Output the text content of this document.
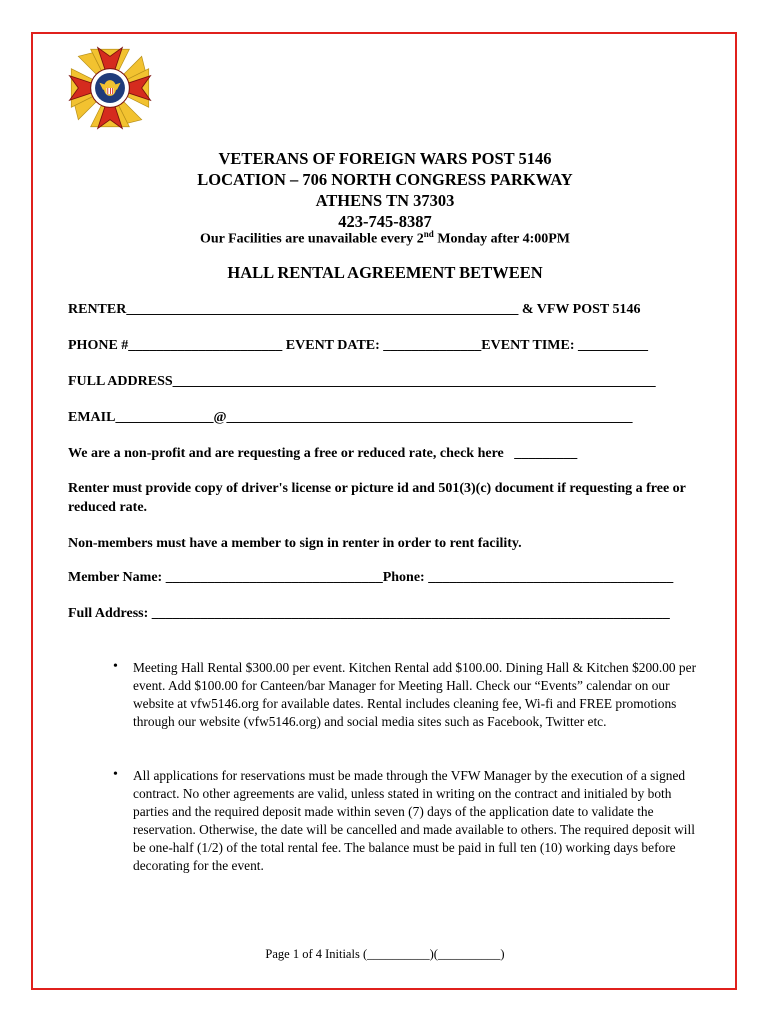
VETERANS OF FOREIGN WARS POST 5146
LOCATION – 706 NORTH CONGRESS PARKWAY
ATHENS TN 37303
423-745-8387
Our Facilities are unavailable every 2nd Monday after 4:00PM
HALL RENTAL AGREEMENT BETWEEN
RENTER________________________________________________________ & VFW POST 5146
PHONE #______________________ EVENT DATE: ______________EVENT TIME: __________
FULL ADDRESS_____________________________________________________________________
EMAIL______________@__________________________________________________________
We are a non-profit and are requesting a free or reduced rate, check here   _________
Renter must provide copy of driver's license or picture id and 501(3)(c) document if requesting a free or reduced rate.
Non-members must have a member to sign in renter in order to rent facility.
Member Name: _______________________________Phone: ___________________________________
Full Address: __________________________________________________________________________
•	Meeting Hall Rental $300.00 per event. Kitchen Rental add $100.00. Dining Hall & Kitchen $200.00 per event. Add $100.00 for Canteen/bar Manager for Meeting Hall. Check our “Events” calendar on our website at vfw5146.org for available dates. Rental includes cleaning fee, Wi-fi and FREE promotions through our website (vfw5146.org) and social media sites such as Facebook, Twitter etc.
•	All applications for reservations must be made through the VFW Manager by the execution of a signed contract. No other agreements are valid, unless stated in writing on the contract and initialed by both parties and the required deposit made within seven (7) days of the application date to validate the reservation. Otherwise, the date will be cancelled and made available to others. The required deposit will be one-half (1/2) of the total rental fee. The balance must be paid in full ten (10) working days before decorating for the event.
Page 1 of 4 Initials (__________)(__________)
